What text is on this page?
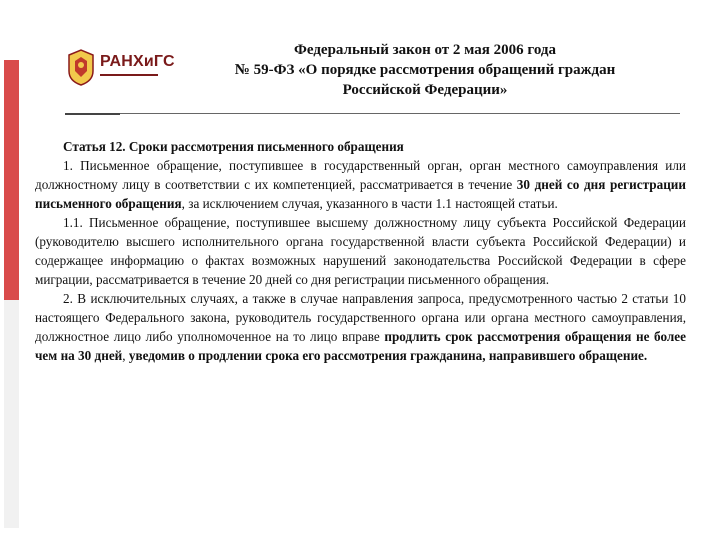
РАНХиГС
Федеральный закон от 2 мая 2006 года
№ 59-ФЗ «О порядке рассмотрения обращений граждан
Российской Федерации»

Статья 12. Сроки рассмотрения письменного обращения

1. Письменное обращение, поступившее в государственный орган, орган местного самоуправления или должностному лицу в соответствии с их компетенцией, рассматривается в течение 30 дней со дня регистрации письменного обращения, за исключением случая, указанного в части 1.1 настоящей статьи.

1.1. Письменное обращение, поступившее высшему должностному лицу субъекта Российской Федерации (руководителю высшего исполнительного органа государственной власти субъекта Российской Федерации) и содержащее информацию о фактах возможных нарушений законодательства Российской Федерации в сфере миграции, рассматривается в течение 20 дней со дня регистрации письменного обращения.

2. В исключительных случаях, а также в случае направления запроса, предусмотренного частью 2 статьи 10 настоящего Федерального закона, руководитель государственного органа или органа местного самоуправления, должностное лицо либо уполномоченное на то лицо вправе продлить срок рассмотрения обращения не более чем на 30 дней, уведомив о продлении срока его рассмотрения гражданина, направившего обращение.
